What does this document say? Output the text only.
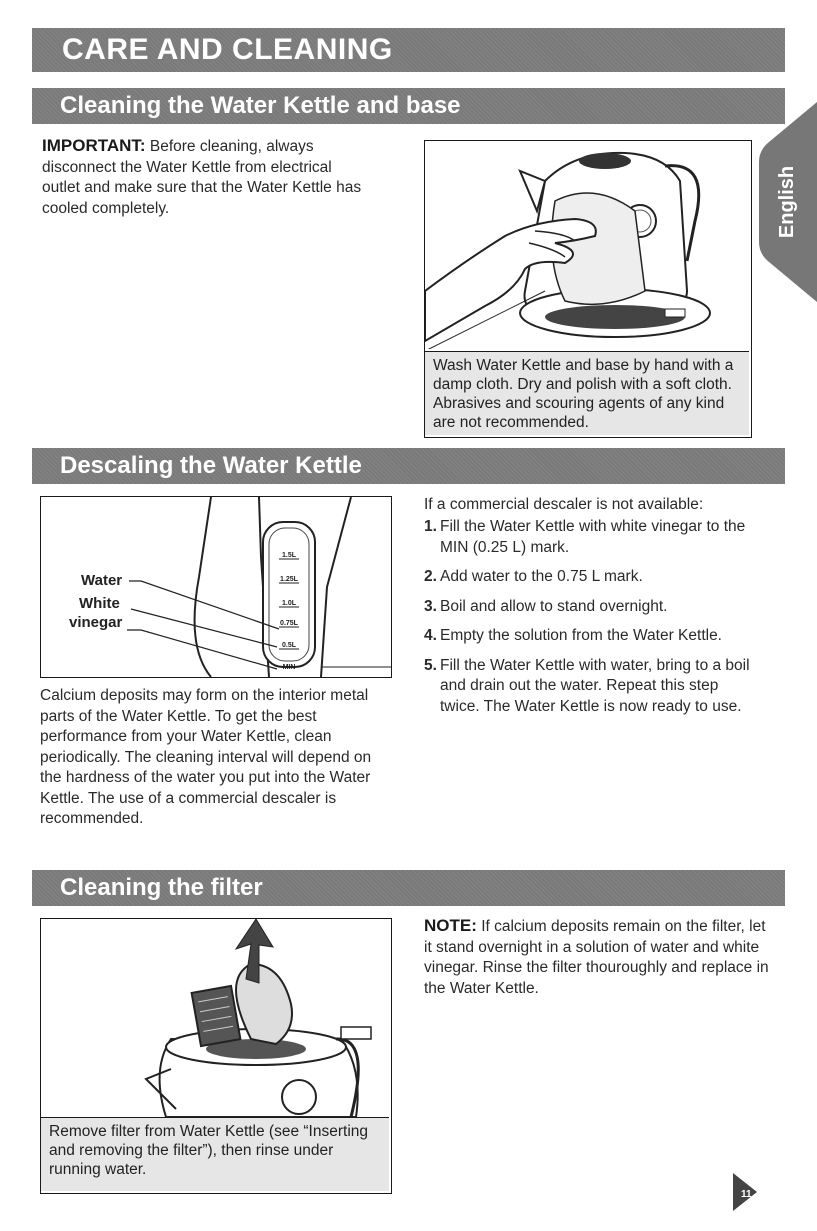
CARE AND CLEANING
English
Cleaning the Water Kettle and base
IMPORTANT: Before cleaning, always disconnect the Water Kettle from electrical outlet and make sure that the Water Kettle has cooled completely.
Wash Water Kettle and base by hand with a damp cloth. Dry and polish with a soft cloth. Abrasives and scouring agents of any kind are not recommended.
Descaling the Water Kettle
1.5L
1.25L
1.0L
0.75L
0.5L
MIN
Water
White
vinegar
Calcium deposits may form on the interior metal parts of the Water Kettle. To get the best performance from your Water Kettle, clean periodically. The cleaning interval will depend on the hardness of the water you put into the Water Kettle. The use of a commercial descaler is recommended.
If a commercial descaler is not available:
1. Fill the Water Kettle with white vinegar to the MIN (0.25 L) mark.
2. Add water to the 0.75 L mark.
3. Boil and allow to stand overnight.
4. Empty the solution from the Water Kettle.
5. Fill the Water Kettle with water, bring to a boil and drain out the water. Repeat this step twice. The Water Kettle is now ready to use.
Cleaning the filter
Remove filter from Water Kettle (see “Inserting and removing the filter”), then rinse under running water.
NOTE: If calcium deposits remain on the filter, let it stand overnight in a solution of water and white vinegar. Rinse the filter thouroughly and replace in the Water Kettle.
11
